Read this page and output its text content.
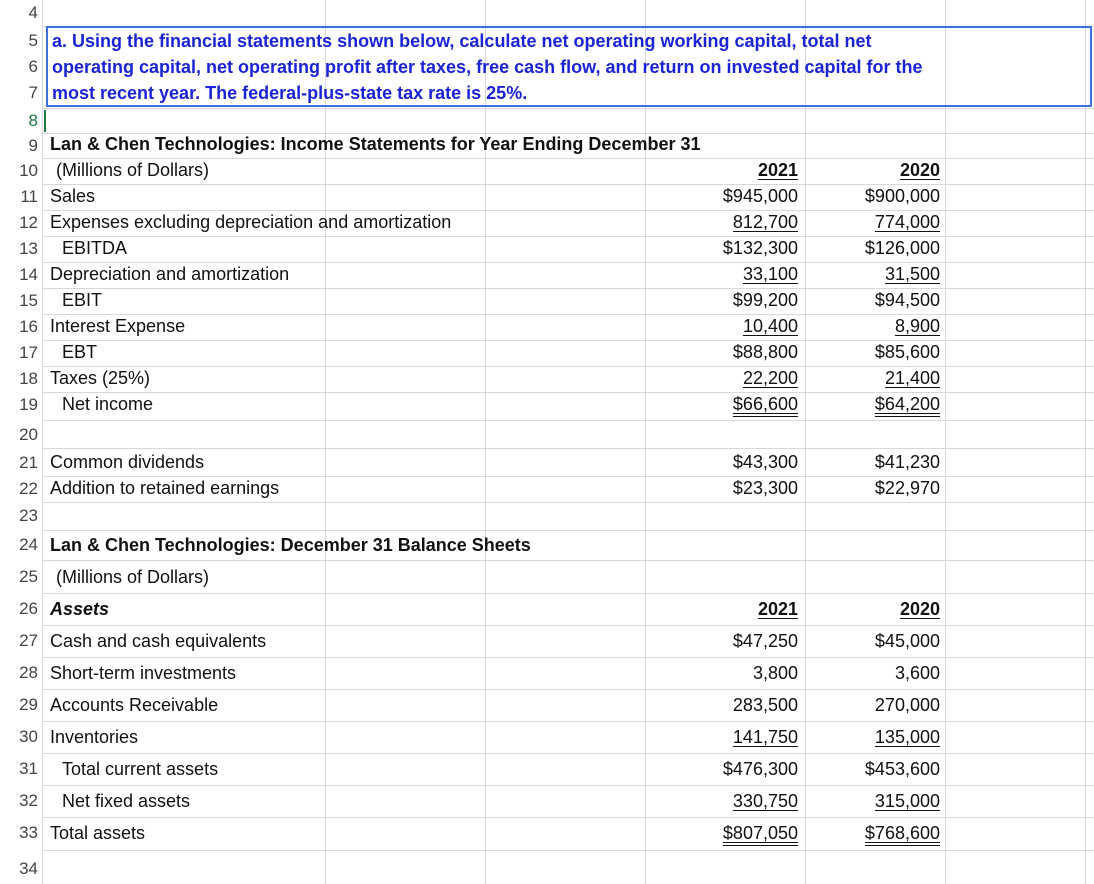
4
5
6
7
8
9
10
11
12
13
14
15
16
17
18
19
20
21
22
23
24
25
26
27
28
29
30
31
32
33
34
a. Using the financial statements shown below, calculate net operating working capital, total net
operating capital, net operating profit after taxes, free cash flow, and return on invested capital for the
most recent year. The federal-plus-state tax rate is 25%.
Lan & Chen Technologies: Income Statements for Year Ending December 31
(Millions of Dollars)	2021	2020
Sales	$945,000	$900,000
Expenses excluding depreciation and amortization	812,700	774,000
EBITDA	$132,300	$126,000
Depreciation and amortization	33,100	31,500
EBIT	$99,200	$94,500
Interest Expense	10,400	8,900
EBT	$88,800	$85,600
Taxes (25%)	22,200	21,400
Net income	$66,600	$64,200
Common dividends	$43,300	$41,230
Addition to retained earnings	$23,300	$22,970
Lan & Chen Technologies: December 31 Balance Sheets
(Millions of Dollars)
Assets	2021	2020
Cash and cash equivalents	$47,250	$45,000
Short-term investments	3,800	3,600
Accounts Receivable	283,500	270,000
Inventories	141,750	135,000
Total current assets	$476,300	$453,600
Net fixed assets	330,750	315,000
Total assets	$807,050	$768,600
